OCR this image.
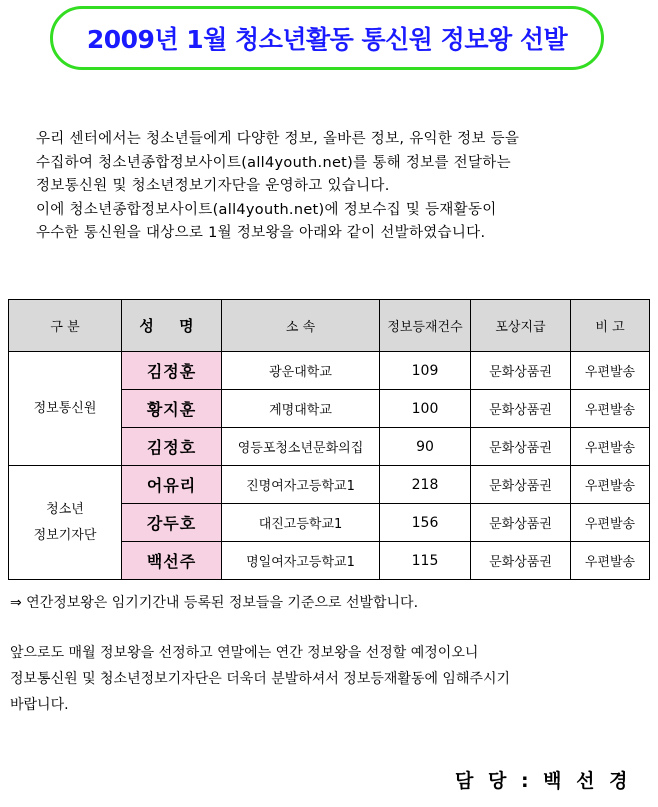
2009년 1월 청소년활동 통신원 정보왕 선발

우리 센터에서는 청소년들에게 다양한 정보, 올바른 정보, 유익한 정보 등을

수집하여 청소년종합정보사이트(all4youth.net)를 통해 정보를 전달하는

정보통신원 및 청소년정보기자단을 운영하고 있습니다.

이에 청소년종합정보사이트(all4youth.net)에 정보수집 및 등재활동이

우수한 통신원을 대상으로 1월 정보왕을 아래와 같이 선발하였습니다.

구 분	성 명	소 속	정보등재건수	포상지급	비 고
정보통신원	김정훈	광운대학교	109	문화상품권	우편발송
	황지훈	계명대학교	100	문화상품권	우편발송
	김정호	영등포청소년문화의집	90	문화상품권	우편발송
청소년
정보기자단	어유리	진명여자고등학교1	218	문화상품권	우편발송
	강두호	대진고등학교1	156	문화상품권	우편발송
	백선주	명일여자고등학교1	115	문화상품권	우편발송
⇒ 연간정보왕은 임기기간내 등록된 정보들을 기준으로 선발합니다.

앞으로도 매월 정보왕을 선정하고 연말에는 연간 정보왕을 선정할 예정이오니

정보통신원 및 청소년정보기자단은 더욱더 분발하셔서 정보등재활동에 임해주시기

바랍니다.

담 당 : 백 선 경
